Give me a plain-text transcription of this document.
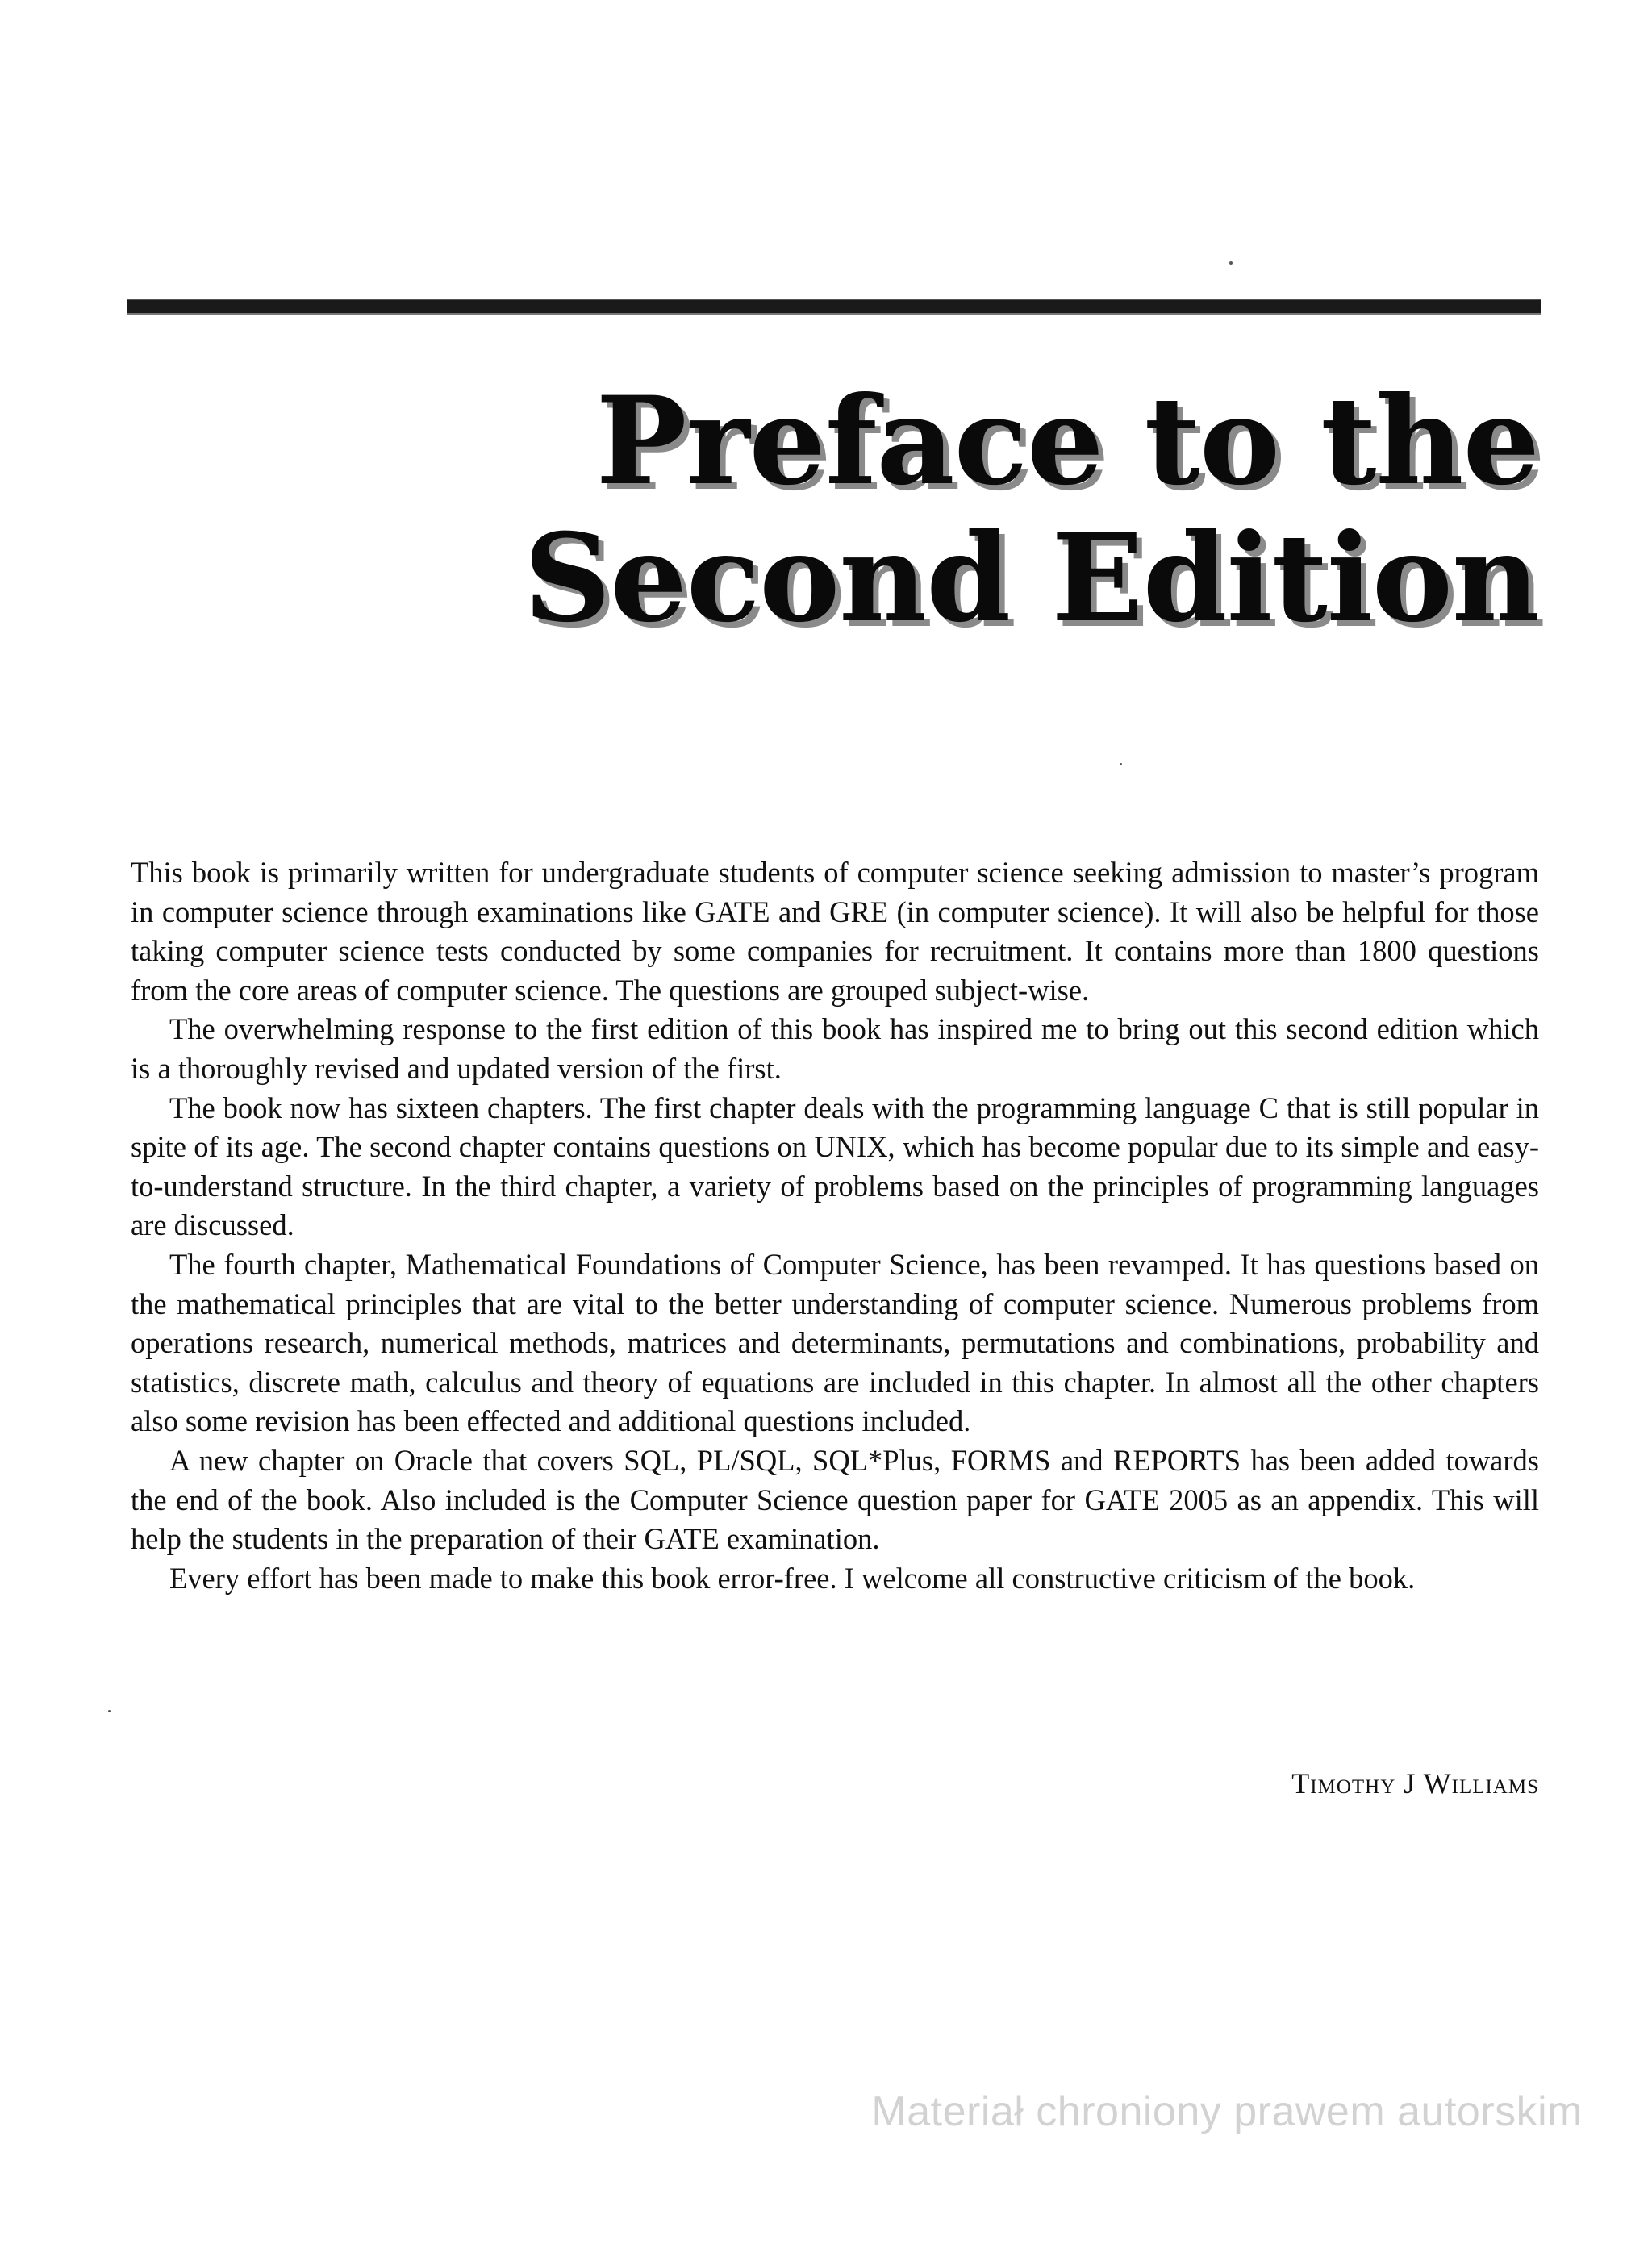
Preface to the
Second Edition

This book is primarily written for undergraduate students of computer science seeking admission to master’s program in computer science through examinations like GATE and GRE (in computer science). It will also be helpful for those taking computer science tests conducted by some companies for recruitment. It contains more than 1800 questions from the core areas of computer science. The questions are grouped subject-wise.

The overwhelming response to the first edition of this book has inspired me to bring out this second edition which is a thoroughly revised and updated version of the first.

The book now has sixteen chapters. The first chapter deals with the programming language C that is still popular in spite of its age. The second chapter contains questions on UNIX, which has become popular due to its simple and easy-to-understand structure. In the third chapter, a variety of problems based on the principles of programming languages are discussed.

The fourth chapter, Mathematical Foundations of Computer Science, has been revamped. It has questions based on the mathematical principles that are vital to the better understanding of computer science. Numerous problems from operations research, numerical methods, matrices and determinants, permutations and combinations, probability and statistics, discrete math, calculus and theory of equations are included in this chapter. In almost all the other chapters also some revision has been effected and additional questions included.

A new chapter on Oracle that covers SQL, PL/SQL, SQL*Plus, FORMS and REPORTS has been added towards the end of the book. Also included is the Computer Science question paper for GATE 2005 as an appendix. This will help the students in the preparation of their GATE examination.

Every effort has been made to make this book error-free. I welcome all constructive criticism of the book.

Timothy J Williams
Materiał chroniony prawem autorskim
